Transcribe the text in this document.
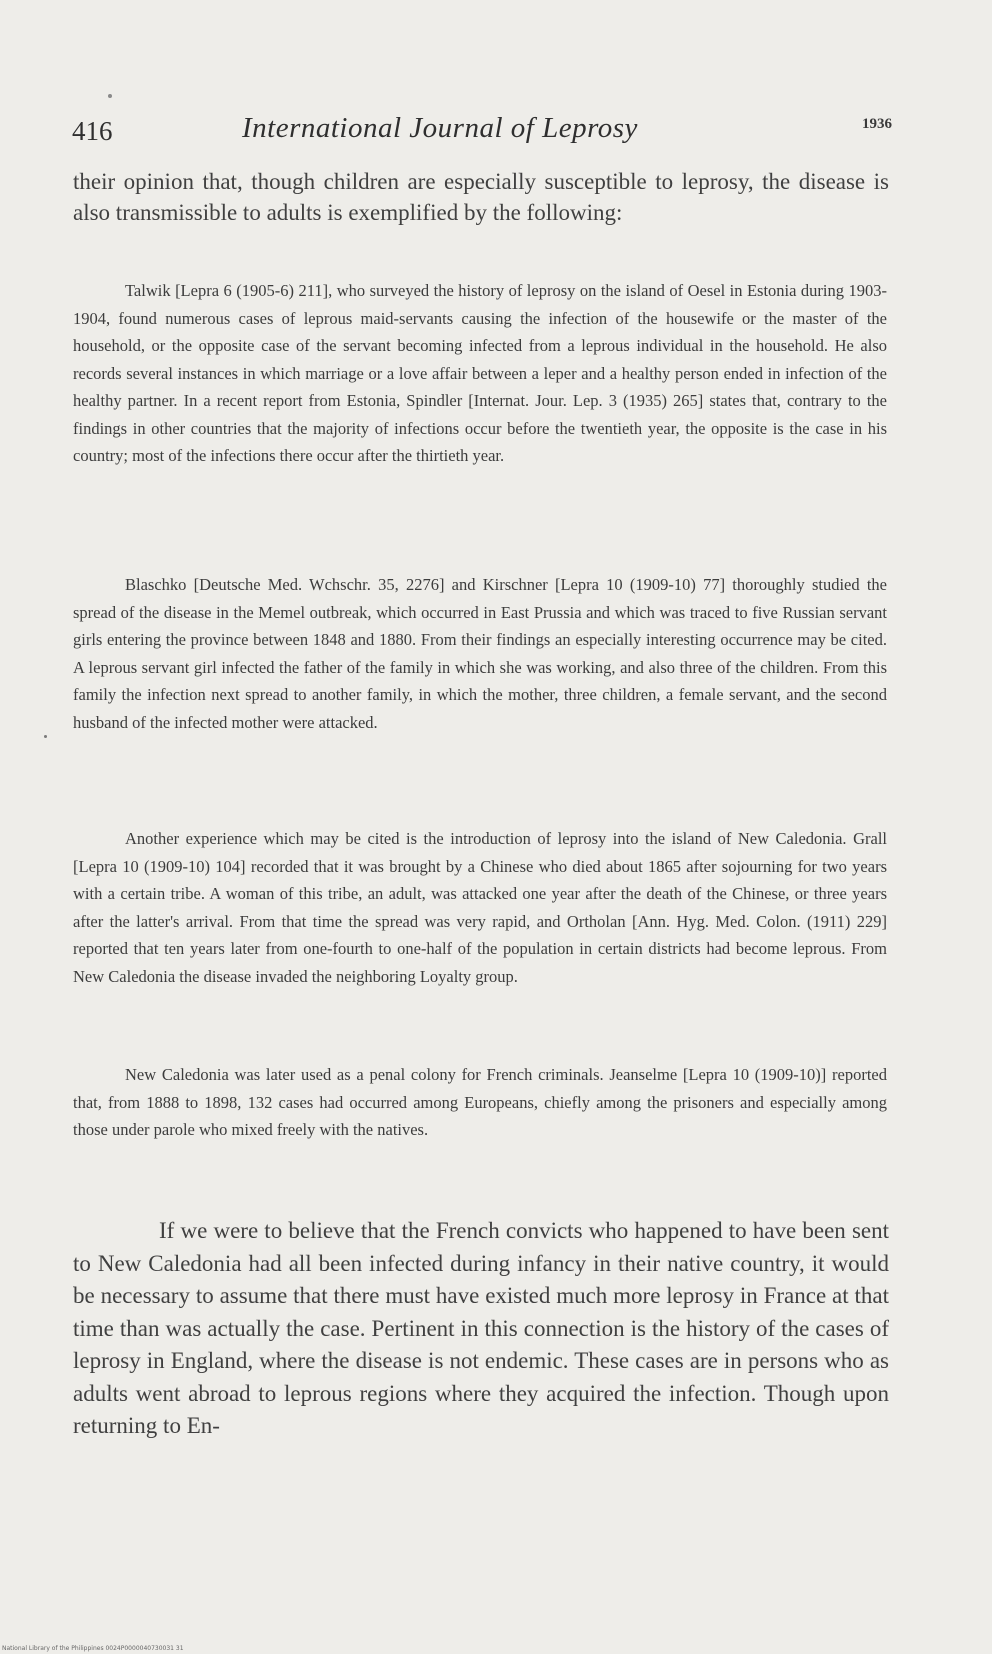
416	International Journal of Leprosy	1936

their opinion that, though children are especially susceptible to leprosy, the disease is also transmissible to adults is exemplified by the following:

Talwik [Lepra 6 (1905-6) 211], who surveyed the history of leprosy on the island of Oesel in Estonia during 1903-1904, found numerous cases of leprous maid-servants causing the infection of the housewife or the master of the household, or the opposite case of the servant becoming infected from a leprous individual in the household. He also records several instances in which marriage or a love affair between a leper and a healthy person ended in infection of the healthy partner. In a recent report from Estonia, Spindler [Internat. Jour. Lep. 3 (1935) 265] states that, contrary to the findings in other countries that the majority of infections occur before the twentieth year, the opposite is the case in his country; most of the infections there occur after the thirtieth year.

Blaschko [Deutsche Med. Wchschr. 35, 2276] and Kirschner [Lepra 10 (1909-10) 77] thoroughly studied the spread of the disease in the Memel outbreak, which occurred in East Prussia and which was traced to five Russian servant girls entering the province between 1848 and 1880. From their findings an especially interesting occurrence may be cited. A leprous servant girl infected the father of the family in which she was working, and also three of the children. From this family the infection next spread to another family, in which the mother, three children, a female servant, and the second husband of the infected mother were attacked.

Another experience which may be cited is the introduction of leprosy into the island of New Caledonia. Grall [Lepra 10 (1909-10) 104] recorded that it was brought by a Chinese who died about 1865 after sojourning for two years with a certain tribe. A woman of this tribe, an adult, was attacked one year after the death of the Chinese, or three years after the latter's arrival. From that time the spread was very rapid, and Ortholan [Ann. Hyg. Med. Colon. (1911) 229] reported that ten years later from one-fourth to one-half of the population in certain districts had become leprous. From New Caledonia the disease invaded the neighboring Loyalty group.

New Caledonia was later used as a penal colony for French criminals. Jeanselme [Lepra 10 (1909-10)] reported that, from 1888 to 1898, 132 cases had occurred among Europeans, chiefly among the prisoners and especially among those under parole who mixed freely with the natives.

If we were to believe that the French convicts who happened to have been sent to New Caledonia had all been infected during infancy in their native country, it would be necessary to assume that there must have existed much more leprosy in France at that time than was actually the case. Pertinent in this connection is the history of the cases of leprosy in England, where the disease is not endemic. These cases are in persons who as adults went abroad to leprous regions where they acquired the infection. Though upon returning to En-

National Library of the Philippines 0024P0000040730031 31
